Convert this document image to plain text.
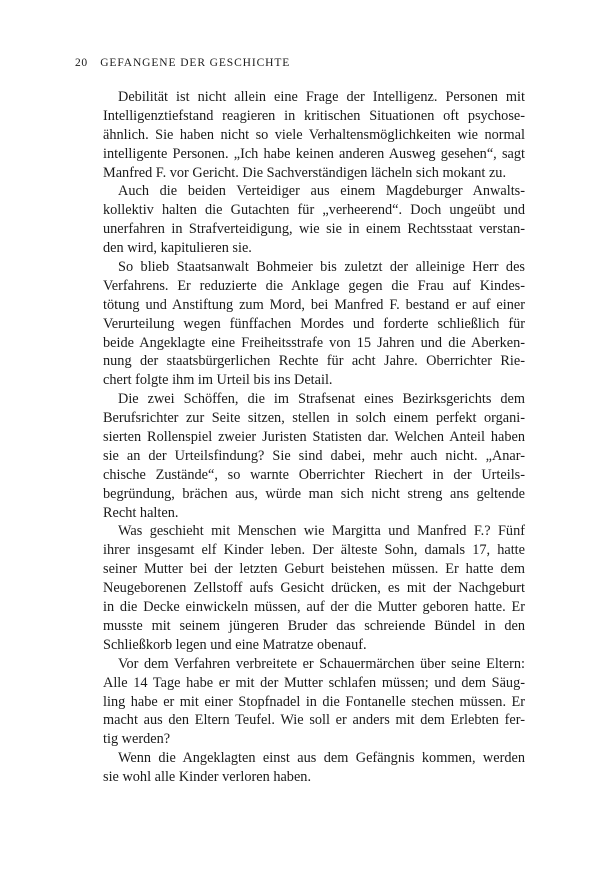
20 GEFANGENE DER GESCHICHTE
Debilität ist nicht allein eine Frage der Intelligenz. Personen mit
Intelligenztiefstand reagieren in kritischen Situationen oft psychose-
ähnlich. Sie haben nicht so viele Verhaltensmöglichkeiten wie normal
intelligente Personen. „Ich habe keinen anderen Ausweg gesehen“, sagt
Manfred F. vor Gericht. Die Sachverständigen lächeln sich mokant zu.
Auch die beiden Verteidiger aus einem Magdeburger Anwalts-
kollektiv halten die Gutachten für „verheerend“. Doch ungeübt und
unerfahren in Strafverteidigung, wie sie in einem Rechtsstaat verstan-
den wird, kapitulieren sie.
So blieb Staatsanwalt Bohmeier bis zuletzt der alleinige Herr des
Verfahrens. Er reduzierte die Anklage gegen die Frau auf Kindes-
tötung und Anstiftung zum Mord, bei Manfred F. bestand er auf einer
Verurteilung wegen fünffachen Mordes und forderte schließlich für
beide Angeklagte eine Freiheitsstrafe von 15 Jahren und die Aberken-
nung der staatsbürgerlichen Rechte für acht Jahre. Oberrichter Rie-
chert folgte ihm im Urteil bis ins Detail.
Die zwei Schöffen, die im Strafsenat eines Bezirksgerichts dem
Berufsrichter zur Seite sitzen, stellen in solch einem perfekt organi-
sierten Rollenspiel zweier Juristen Statisten dar. Welchen Anteil haben
sie an der Urteilsfindung? Sie sind dabei, mehr auch nicht. „Anar-
chische Zustände“, so warnte Oberrichter Riechert in der Urteils-
begründung, brächen aus, würde man sich nicht streng ans geltende
Recht halten.
Was geschieht mit Menschen wie Margitta und Manfred F.? Fünf
ihrer insgesamt elf Kinder leben. Der älteste Sohn, damals 17, hatte
seiner Mutter bei der letzten Geburt beistehen müssen. Er hatte dem
Neugeborenen Zellstoff aufs Gesicht drücken, es mit der Nachgeburt
in die Decke einwickeln müssen, auf der die Mutter geboren hatte. Er
musste mit seinem jüngeren Bruder das schreiende Bündel in den
Schließkorb legen und eine Matratze obenauf.
Vor dem Verfahren verbreitete er Schauermärchen über seine Eltern:
Alle 14 Tage habe er mit der Mutter schlafen müssen; und dem Säug-
ling habe er mit einer Stopfnadel in die Fontanelle stechen müssen. Er
macht aus den Eltern Teufel. Wie soll er anders mit dem Erlebten fer-
tig werden?
Wenn die Angeklagten einst aus dem Gefängnis kommen, werden
sie wohl alle Kinder verloren haben.
